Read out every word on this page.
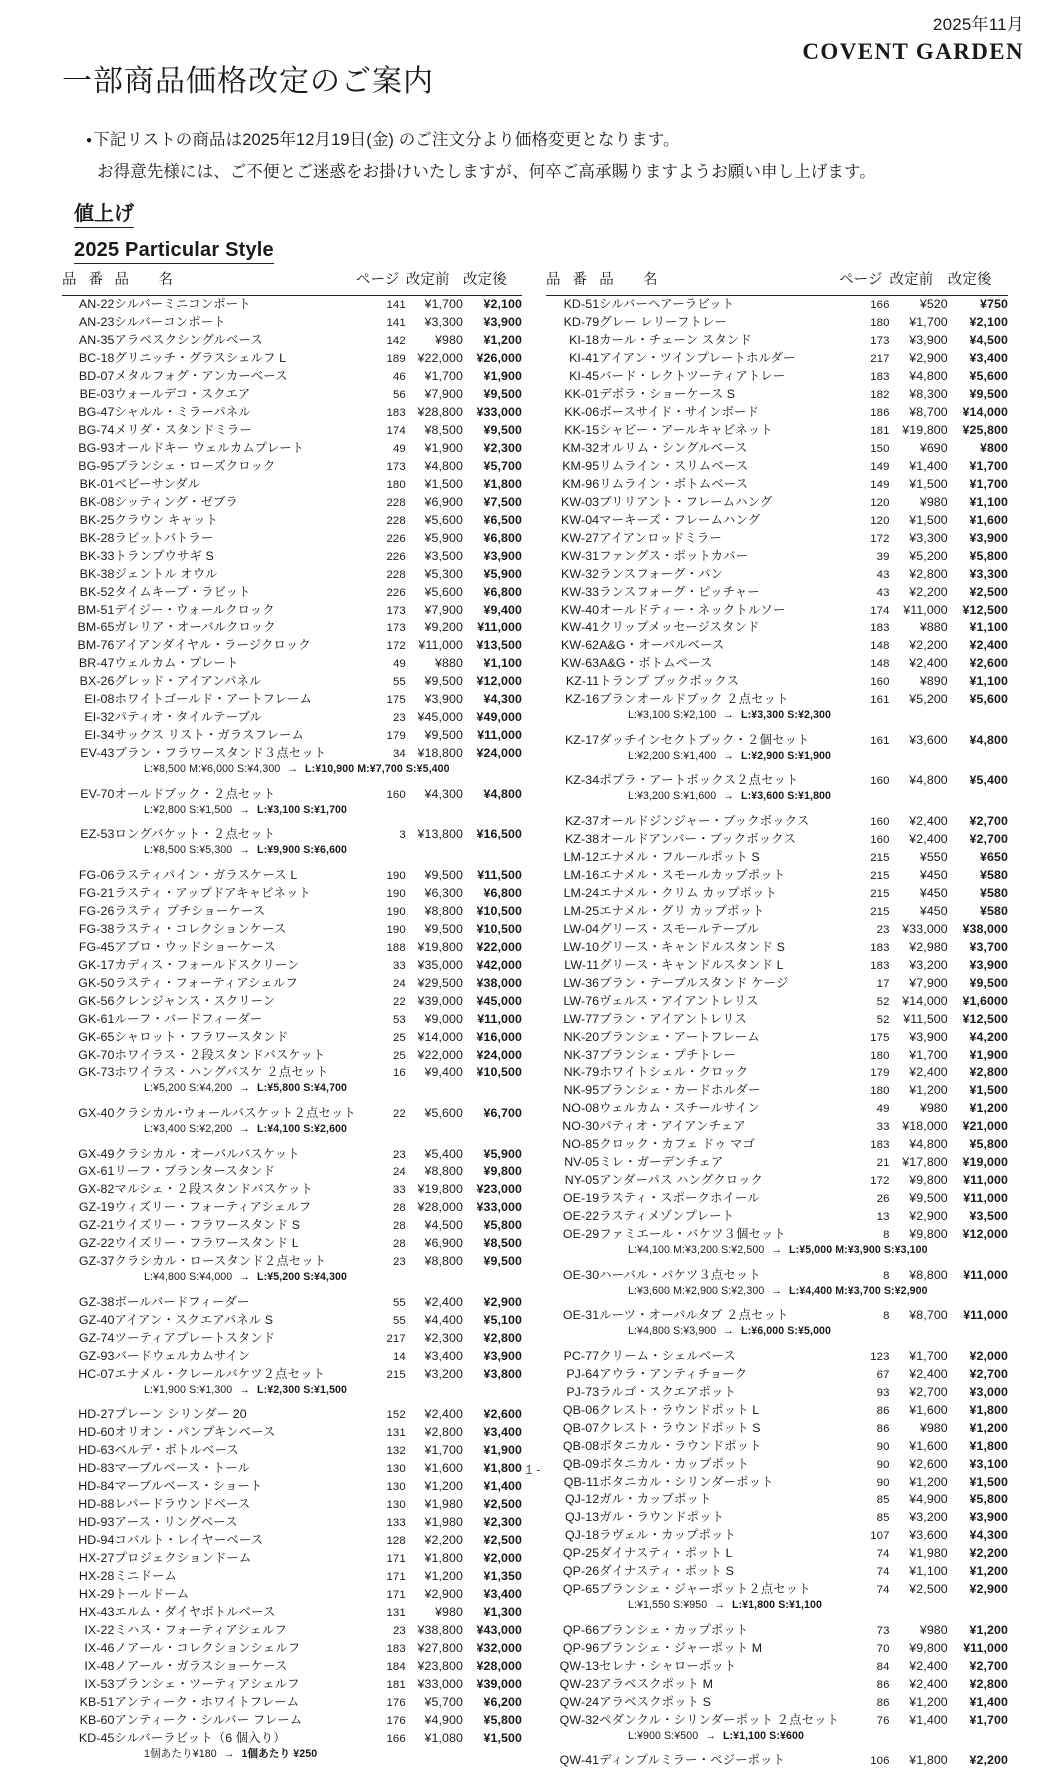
2025年11月
COVENT GARDEN
一部商品価格改定のご案内
● 下記リストの商品は2025年12月19日(金) のご注文分より価格変更となります。
お得意先様には、ご不便とご迷惑をお掛けいたしますが、何卒ご高承賜りますようお願い申し上げます。
値上げ
2025 Particular Style
品 番	品　　名	ページ	改定前	改定後
AN-22	シルバーミニコンポート	141	¥1,700	¥2,100
AN-23	シルバーコンポート	141	¥3,300	¥3,900
AN-35	アラベスクシングルベース	142	¥980	¥1,200
BC-18	グリニッチ・グラスシェルフ L	189	¥22,000	¥26,000
BD-07	メタルフォグ・アンカーベース	46	¥1,700	¥1,900
BE-03	ウォールデコ・スクエア	56	¥7,900	¥9,500
BG-47	シャルル・ミラーパネル	183	¥28,800	¥33,000
BG-74	メリダ・スタンドミラー	174	¥8,500	¥9,500
BG-93	オールドキー ウェルカムプレート	49	¥1,900	¥2,300
BG-95	ブランシェ・ローズクロック	173	¥4,800	¥5,700
BK-01	ベビーサンダル	180	¥1,500	¥1,800
BK-08	シッティング・ゼブラ	228	¥6,900	¥7,500
BK-25	クラウン キャット	228	¥5,600	¥6,500
BK-28	ラビットバトラー	226	¥5,900	¥6,800
BK-33	トランプウサギ S	226	¥3,500	¥3,900
BK-38	ジェントル オウル	228	¥5,300	¥5,900
BK-52	タイムキープ・ラビット	226	¥5,600	¥6,800
BM-51	デイジー・ウォールクロック	173	¥7,900	¥9,400
BM-65	ガレリア・オーバルクロック	173	¥9,200	¥11,000
BM-76	アイアンダイヤル・ラージクロック	172	¥11,000	¥13,500
BR-47	ウェルカム・プレート	49	¥880	¥1,100
BX-26	グレッド・アイアンパネル	55	¥9,500	¥12,000
EI-08	ホワイトゴールド・アートフレーム	175	¥3,900	¥4,300
EI-32	パティオ・タイルテーブル	23	¥45,000	¥49,000
EI-34	サックス リスト・ガラスフレーム	179	¥9,500	¥11,000
EV-43	ブラン・フラワースタンド３点セット	34	¥18,800	¥24,000
L:¥8,500 M:¥6,000 S:¥4,300 → L:¥10,900 M:¥7,700 S:¥5,400				

EV-70	オールドブック・２点セット	160	¥4,300	¥4,800
L:¥2,800 S:¥1,500 → L:¥3,100 S:¥1,700				

EZ-53	ロングバケット・２点セット	3	¥13,800	¥16,500
L:¥8,500 S:¥5,300 → L:¥9,900 S:¥6,600				

FG-06	ラスティパイン・ガラスケース L	190	¥9,500	¥11,500
FG-21	ラスティ・アップドアキャビネット	190	¥6,300	¥6,800
FG-26	ラスティ プチショーケース	190	¥8,800	¥10,500
FG-38	ラスティ・コレクションケース	190	¥9,500	¥10,500
FG-45	アブロ・ウッドショーケース	188	¥19,800	¥22,000
GK-17	カディス・フォールドスクリーン	33	¥35,000	¥42,000
GK-50	ラスティ・フォーティアシェルフ	24	¥29,500	¥38,000
GK-56	クレンジャンス・スクリーン	22	¥39,000	¥45,000
GK-61	ルーフ・バードフィーダー	53	¥9,000	¥11,000
GK-65	シャロット・フラワースタンド	25	¥14,000	¥16,000
GK-70	ホワイラス・２段スタンドバスケット	25	¥22,000	¥24,000
GK-73	ホワイラス・ハングバスケ ２点セット	16	¥9,400	¥10,500
L:¥5,200 S:¥4,200 → L:¥5,800 S:¥4,700				

GX-40	クラシカル･ウォールバスケット２点セット	22	¥5,600	¥6,700
L:¥3,400 S:¥2,200 → L:¥4,100 S:¥2,600				

GX-49	クラシカル・オーバルバスケット	23	¥5,400	¥5,900
GX-61	リーフ・プランタースタンド	24	¥8,800	¥9,800
GX-82	マルシェ・２段スタンドバスケット	33	¥19,800	¥23,000
GZ-19	ウィズリー・フォーティアシェルフ	28	¥28,000	¥33,000
GZ-21	ウイズリー・フラワースタンド S	28	¥4,500	¥5,800
GZ-22	ウイズリー・フラワースタンド L	28	¥6,900	¥8,500
GZ-37	クラシカル・ロースタンド２点セット	23	¥8,800	¥9,500
L:¥4,800 S:¥4,000 → L:¥5,200 S:¥4,300				

GZ-38	ボールバードフィーダー	55	¥2,400	¥2,900
GZ-40	アイアン・スクエアパネル S	55	¥4,400	¥5,100
GZ-74	ツーティアプレートスタンド	217	¥2,300	¥2,800
GZ-93	バードウェルカムサイン	14	¥3,400	¥3,900
HC-07	エナメル・クレールバケツ２点セット	215	¥3,200	¥3,800
L:¥1,900 S:¥1,300 → L:¥2,300 S:¥1,500				

HD-27	プレーン シリンダー 20	152	¥2,400	¥2,600
HD-60	オリオン・パンプキンベース	131	¥2,800	¥3,400
HD-63	ベルデ・ボトルベース	132	¥1,700	¥1,900
HD-83	マーブルベース・トール	130	¥1,600	¥1,800
HD-84	マーブルベース・ショート	130	¥1,200	¥1,400
HD-88	レパードラウンドベース	130	¥1,980	¥2,500
HD-93	アース・リングベース	133	¥1,980	¥2,300
HD-94	コバルト・レイヤーベース	128	¥2,200	¥2,500
HX-27	プロジェクションドーム	171	¥1,800	¥2,000
HX-28	ミニドーム	171	¥1,200	¥1,350
HX-29	トールドーム	171	¥2,900	¥3,400
HX-43	エルム・ダイヤボトルベース	131	¥980	¥1,300
IX-22	ミハス・フォーティアシェルフ	23	¥38,800	¥43,000
IX-46	ノアール・コレクションシェルフ	183	¥27,800	¥32,000
IX-48	ノアール・ガラスショーケース	184	¥23,800	¥28,000
IX-53	ブランシェ・ツーティアシェルフ	181	¥33,000	¥39,000
KB-51	アンティーク・ホワイトフレーム	176	¥5,700	¥6,200
KB-60	アンティーク・シルバー フレーム	176	¥4,900	¥5,800
KD-45	シルバーラビット（6 個入り）	166	¥1,080	¥1,500
1個あたり¥180 → 1個あたり ¥250				

品 番	品　　名	ページ	改定前	改定後
KD-51	シルバーヘアーラビット	166	¥520	¥750
KD-79	グレー レリーフトレー	180	¥1,700	¥2,100
KI-18	カール・チェーン スタンド	173	¥3,900	¥4,500
KI-41	アイアン・ツインプレートホルダー	217	¥2,900	¥3,400
KI-45	バード・レクトツーティアトレー	183	¥4,800	¥5,600
KK-01	デボラ・ショーケース S	182	¥8,300	¥9,500
KK-06	ボースサイド・サインボード	186	¥8,700	¥14,000
KK-15	シャビー・アールキャビネット	181	¥19,800	¥25,800
KM-32	オルリム・シングルベース	150	¥690	¥800
KM-95	リムライン・スリムベース	149	¥1,400	¥1,700
KM-96	リムライン・ボトムベース	149	¥1,500	¥1,700
KW-03	ブリリアント・フレームハング	120	¥980	¥1,100
KW-04	マーキーズ・フレームハング	120	¥1,500	¥1,600
KW-27	アイアンロッドミラー	172	¥3,300	¥3,900
KW-31	ファングス・ポットカバー	39	¥5,200	¥5,800
KW-32	ランスフォーグ・パン	43	¥2,800	¥3,300
KW-33	ランスフォーグ・ピッチャー	43	¥2,200	¥2,500
KW-40	オールドティー・ネックトルソー	174	¥11,000	¥12,500
KW-41	クリップメッセージスタンド	183	¥880	¥1,100
KW-62	A&G・オーバルベース	148	¥2,200	¥2,400
KW-63	A&G・ボトムベース	148	¥2,400	¥2,600
KZ-11	トランプ ブックボックス	160	¥890	¥1,100
KZ-16	ブランオールドブック ２点セット	161	¥5,200	¥5,600
L:¥3,100 S:¥2,100 → L:¥3,300 S:¥2,300				

KZ-17	ダッチインセクトブック・２個セット	161	¥3,600	¥4,800
L:¥2,200 S:¥1,400 → L:¥2,900 S:¥1,900				

KZ-34	ポプラ・アートボックス２点セット	160	¥4,800	¥5,400
L:¥3,200 S:¥1,600 → L:¥3,600 S:¥1,800				

KZ-37	オールドジンジャー・ブックボックス	160	¥2,400	¥2,700
KZ-38	オールドアンバー・ブックボックス	160	¥2,400	¥2,700
LM-12	エナメル・フルールポット S	215	¥550	¥650
LM-16	エナメル・スモールカップポット	215	¥450	¥580
LM-24	エナメル・クリム カップポット	215	¥450	¥580
LM-25	エナメル・グリ カップポット	215	¥450	¥580
LW-04	グリース・スモールテーブル	23	¥33,000	¥38,000
LW-10	グリース・キャンドルスタンド S	183	¥2,980	¥3,700
LW-11	グリース・キャンドルスタンド L	183	¥3,200	¥3,900
LW-36	ブラン・テーブルスタンド ケージ	17	¥7,900	¥9,500
LW-76	ヴェルス・アイアントレリス	52	¥14,000	¥1,6000
LW-77	ブラン・アイアントレリス	52	¥11,500	¥12,500
NK-20	ブランシェ・アートフレーム	175	¥3,900	¥4,200
NK-37	ブランシェ・プチトレー	180	¥1,700	¥1,900
NK-79	ホワイトシェル・クロック	179	¥2,400	¥2,800
NK-95	ブランシェ・カードホルダー	180	¥1,200	¥1,500
NO-08	ウェルカム・スチールサイン	49	¥980	¥1,200
NO-30	パティオ・アイアンチェア	33	¥18,000	¥21,000
NO-85	クロック・カフェ ドゥ マゴ	183	¥4,800	¥5,800
NV-05	ミレ・ガーデンチェア	21	¥17,800	¥19,000
NY-05	アンダーパス ハングクロック	172	¥9,800	¥11,000
OE-19	ラスティ・スポークホイール	26	¥9,500	¥11,000
OE-22	ラスティメゾンプレート	13	¥2,900	¥3,500
OE-29	ファミエール・バケツ３個セット	8	¥9,800	¥12,000
L:¥4,100 M:¥3,200 S:¥2,500 → L:¥5,000 M:¥3,900 S:¥3,100				

OE-30	ハーバル・バケツ３点セット	8	¥8,800	¥11,000
L:¥3,600 M:¥2,900 S:¥2,300 → L:¥4,400 M:¥3,700 S:¥2,900				

OE-31	ルーツ・オーバルタブ ２点セット	8	¥8,700	¥11,000
L:¥4,800 S:¥3,900 → L:¥6,000 S:¥5,000				

PC-77	クリーム・シェルベース	123	¥1,700	¥2,000
PJ-64	アウラ・アンティチョーク	67	¥2,400	¥2,700
PJ-73	ラルゴ・スクエアポット	93	¥2,700	¥3,000
QB-06	クレスト・ラウンドポット L	86	¥1,600	¥1,800
QB-07	クレスト・ラウンドポット S	86	¥980	¥1,200
QB-08	ボタニカル・ラウンドポット	90	¥1,600	¥1,800
QB-09	ボタニカル・カップポット	90	¥2,600	¥3,100
QB-11	ボタニカル・シリンダーポット	90	¥1,200	¥1,500
QJ-12	ガル・カップポット	85	¥4,900	¥5,800
QJ-13	ガル・ラウンドポット	85	¥3,200	¥3,900
QJ-18	ラヴェル・カップポット	107	¥3,600	¥4,300
QP-25	ダイナスティ・ポット L	74	¥1,980	¥2,200
QP-26	ダイナスティ・ポット S	74	¥1,100	¥1,200
QP-65	ブランシェ・ジャーポット２点セット	74	¥2,500	¥2,900
L:¥1,550 S:¥950 → L:¥1,800 S:¥1,100				

QP-66	ブランシェ・カップポット	73	¥980	¥1,200
QP-96	ブランシェ・ジャーポット M	70	¥9,800	¥11,000
QW-13	セレナ・シャローポット	84	¥2,400	¥2,700
QW-23	アラベスクポット M	86	¥2,400	¥2,800
QW-24	アラベスクポット S	86	¥1,200	¥1,400
QW-32	ペダンクル・シリンダーポット ２点セット	76	¥1,400	¥1,700
L:¥900 S:¥500 → L:¥1,100 S:¥600				

QW-41	ディンプルミラー・ベジーポット	106	¥1,800	¥2,200
- 1 -
